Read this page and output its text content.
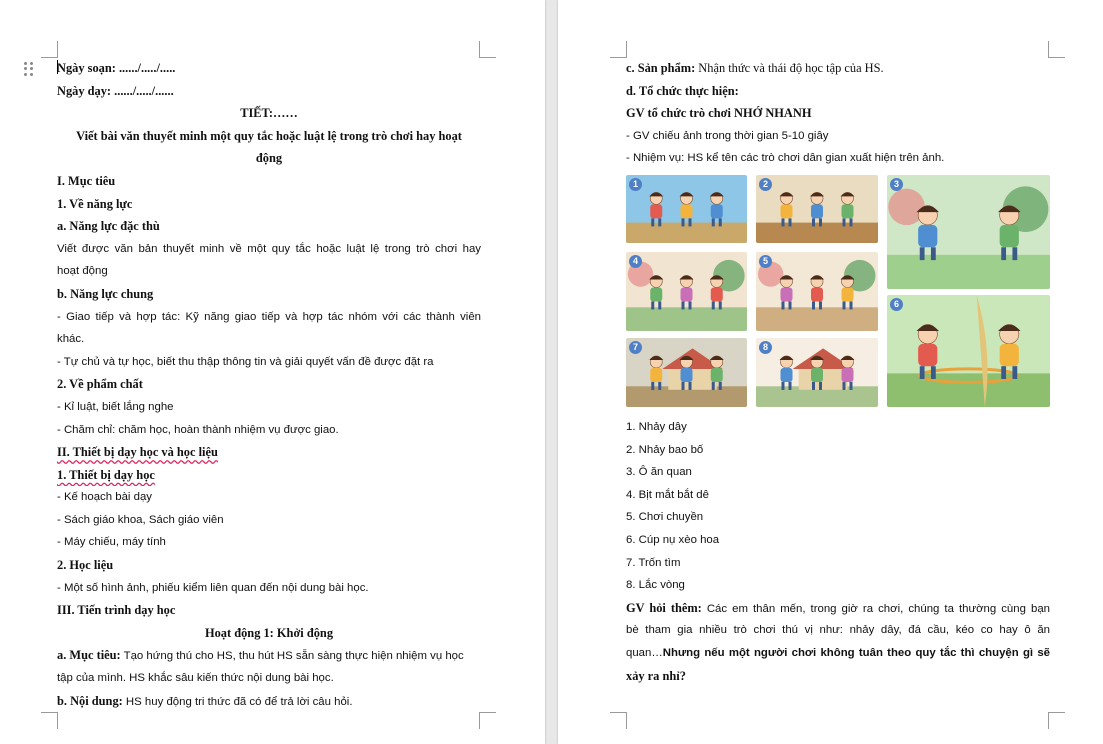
Ngày soạn: ....../...../.....
Ngày dạy: ....../...../......
TIẾT:……
Viết bài văn thuyết minh một quy tắc hoặc luật lệ trong trò chơi hay hoạt
động
I. Mục tiêu
1. Về năng lực
a. Năng lực đặc thù
Viết được văn bản thuyết minh về một quy tắc hoặc luật lệ trong trò chơi hay
hoạt động
b. Năng lực chung
- Giao tiếp và hợp tác: Kỹ năng giao tiếp và hợp tác nhóm với các thành viên
khác.
- Tự chủ và tự học, biết thu thập thông tin và giải quyết vấn đề được đặt ra
2. Về phẩm chất
- Kỉ luật, biết lắng nghe
- Chăm chỉ: chăm học, hoàn thành nhiệm vụ được giao.
II. Thiết bị dạy học và học liệu
1. Thiết bị dạy học
- Kế hoạch bài dạy
- Sách giáo khoa, Sách giáo viên
- Máy chiếu, máy tính
2. Học liệu
- Một số hình ảnh, phiếu kiểm liên quan đến nội dung bài học.
III. Tiến trình dạy học
Hoạt động 1: Khởi động
a. Mục tiêu: Tạo hứng thú cho HS, thu hút HS sẵn sàng thực hiện nhiệm vụ học
tập của mình. HS khắc sâu kiến thức nội dung bài học.
b. Nội dung: HS huy động tri thức đã có để trả lời câu hỏi.
c. Sản phẩm: Nhận thức và thái độ học tập của HS.
d. Tổ chức thực hiện:
GV tổ chức trò chơi NHỚ NHANH
- GV chiếu ảnh trong thời gian 5-10 giây
- Nhiệm vụ: HS kể tên các trò chơi dân gian xuất hiện trên ảnh.
1	2	3
4	5
6
7	8
1. Nhảy dây
2. Nhảy bao bố
3. Ô ăn quan
4. Bịt mắt bắt dê
5. Chơi chuyền
6. Cúp nụ xèo hoa
7. Trốn tìm
8. Lắc vòng
GV hỏi thêm: Các em thân mến, trong giờ ra chơi, chúng ta thường cùng bạn
bè tham gia nhiều trò chơi thú vị như: nhảy dây, đá cầu, kéo co hay ô ăn
quan…Nhưng nếu một người chơi không tuân theo quy tắc thì chuyện gì sẽ
xảy ra nhỉ?
